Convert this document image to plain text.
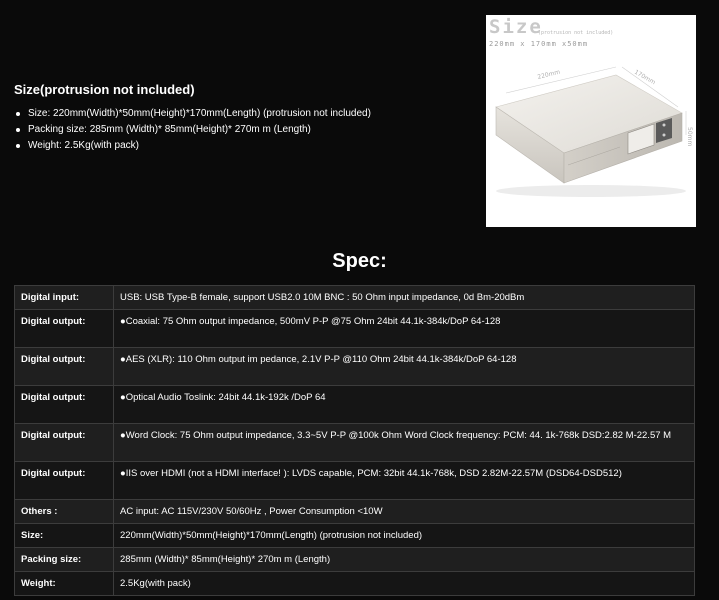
Size(protrusion not included)
Size: 220mm(Width)*50mm(Height)*170mm(Length) (protrusion not included)
Packing size: 285mm (Width)* 85mm(Height)* 270m m (Length)
Weight: 2.5Kg(with pack)
220mm	170mm
50mm
Size
(protrusion not included)
220mm x 170mm x50mm
Spec:
Digital input:	USB: USB Type-B female, support USB2.0 10M BNC : 50 Ohm input impedance, 0d Bm-20dBm
Digital output:	●Coaxial: 75 Ohm output impedance, 500mV P-P @75 Ohm 24bit 44.1k-384k/DoP 64-128
Digital output:	●AES (XLR): 110 Ohm output im pedance, 2.1V P-P @110 Ohm 24bit 44.1k-384k/DoP 64-128
Digital output:	●Optical Audio Toslink: 24bit 44.1k-192k /DoP 64
Digital output:	●Word Clock: 75 Ohm output impedance, 3.3~5V P-P @100k Ohm Word Clock frequency: PCM: 44. 1k-768k DSD:2.82 M-22.57 M
Digital output:	●IIS over HDMI (not a HDMI interface! ): LVDS capable, PCM: 32bit 44.1k-768k, DSD 2.82M-22.57M (DSD64-DSD512)
Others :	AC input: AC 115V/230V 50/60Hz , Power Consumption <10W
Size:	220mm(Width)*50mm(Height)*170mm(Length) (protrusion not included)
Packing size:	285mm (Width)* 85mm(Height)* 270m m (Length)
Weight:	2.5Kg(with pack)
